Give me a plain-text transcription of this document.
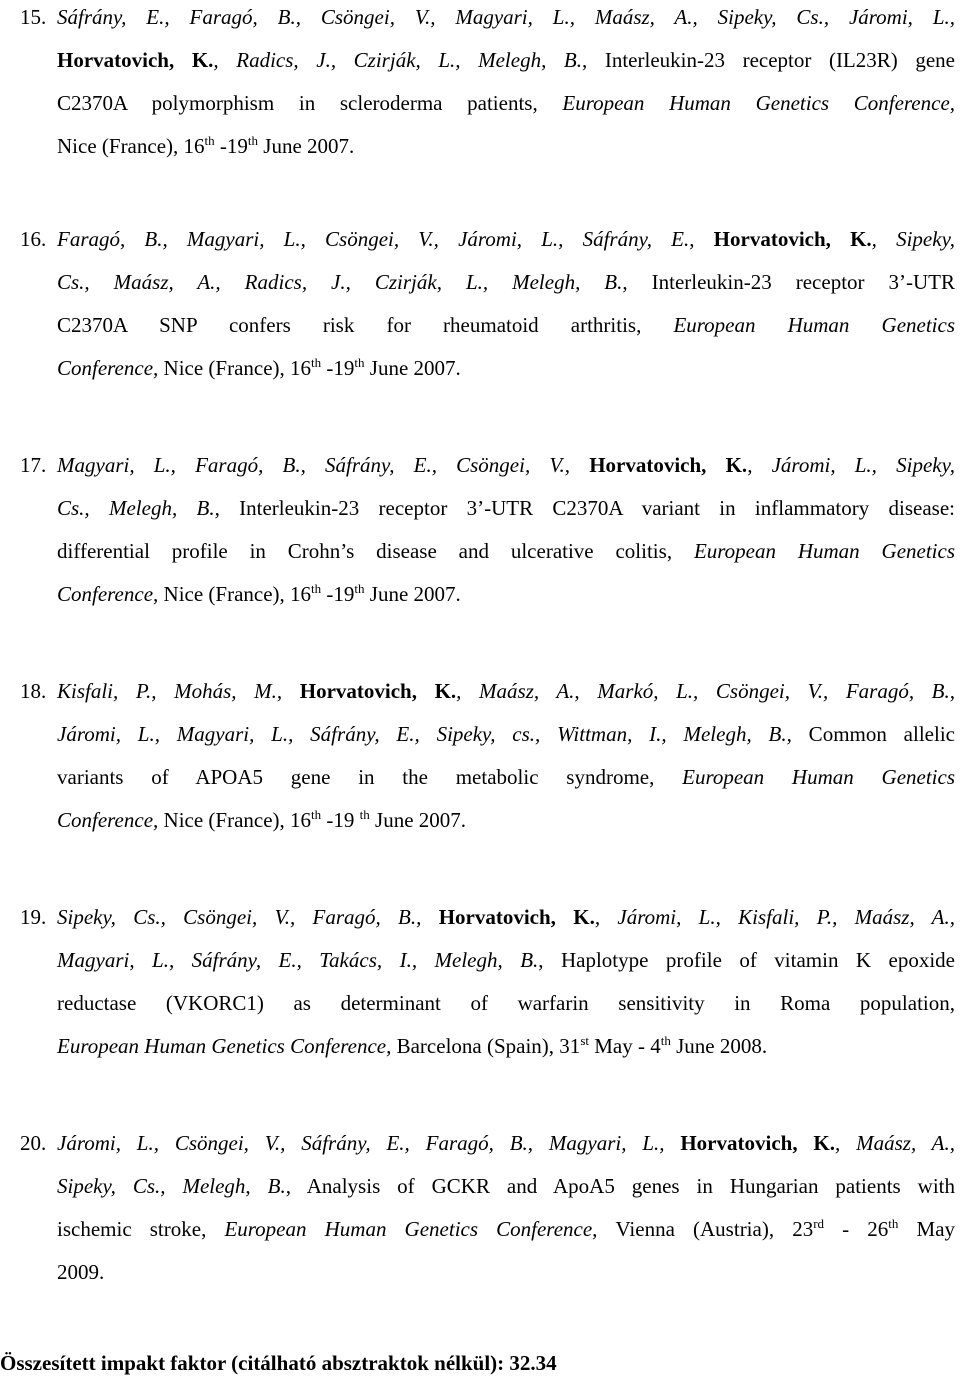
15. Sáfrány, E., Faragó, B., Csöngei, V., Magyari, L., Maász, A., Sipeky, Cs., Járomi, L.,
Horvatovich, K., Radics, J., Czirják, L., Melegh, B., Interleukin-23 receptor (IL23R) gene
C2370A polymorphism in scleroderma patients, European Human Genetics Conference,
Nice (France), 16th -19th June 2007.
16. Faragó, B., Magyari, L., Csöngei, V., Járomi, L., Sáfrány, E., Horvatovich, K., Sipeky,
Cs., Maász, A., Radics, J., Czirják, L., Melegh, B., Interleukin-23 receptor 3’-UTR
C2370A SNP confers risk for rheumatoid arthritis, European Human Genetics
Conference, Nice (France), 16th -19th June 2007.
17. Magyari, L., Faragó, B., Sáfrány, E., Csöngei, V., Horvatovich, K., Járomi, L., Sipeky,
Cs., Melegh, B., Interleukin-23 receptor 3’-UTR C2370A variant in inflammatory disease:
differential profile in Crohn’s disease and ulcerative colitis, European Human Genetics
Conference, Nice (France), 16th -19th June 2007.
18. Kisfali, P., Mohás, M., Horvatovich, K., Maász, A., Markó, L., Csöngei, V., Faragó, B.,
Járomi, L., Magyari, L., Sáfrány, E., Sipeky, cs., Wittman, I., Melegh, B., Common allelic
variants of APOA5 gene in the metabolic syndrome, European Human Genetics
Conference, Nice (France), 16th -19 $^{th}$ June 2007.
19. Sipeky, Cs., Csöngei, V., Faragó, B., Horvatovich, K., Járomi, L., Kisfali, P., Maász, A.,
Magyari, L., Sáfrány, E., Takács, I., Melegh, B., Haplotype profile of vitamin K epoxide
reductase (VKORC1) as determinant of warfarin sensitivity in Roma population,
European Human Genetics Conference, Barcelona (Spain), 31st May - 4th June 2008.
20. Járomi, L., Csöngei, V., Sáfrány, E., Faragó, B., Magyari, L., Horvatovich, K., Maász, A.,
Sipeky, Cs., Melegh, B., Analysis of GCKR and ApoA5 genes in Hungarian patients with
ischemic stroke, European Human Genetics Conference, Vienna (Austria), 23rd - 26th May
2009.
Összesített impakt faktor (citálható absztraktok nélkül): 32.34
